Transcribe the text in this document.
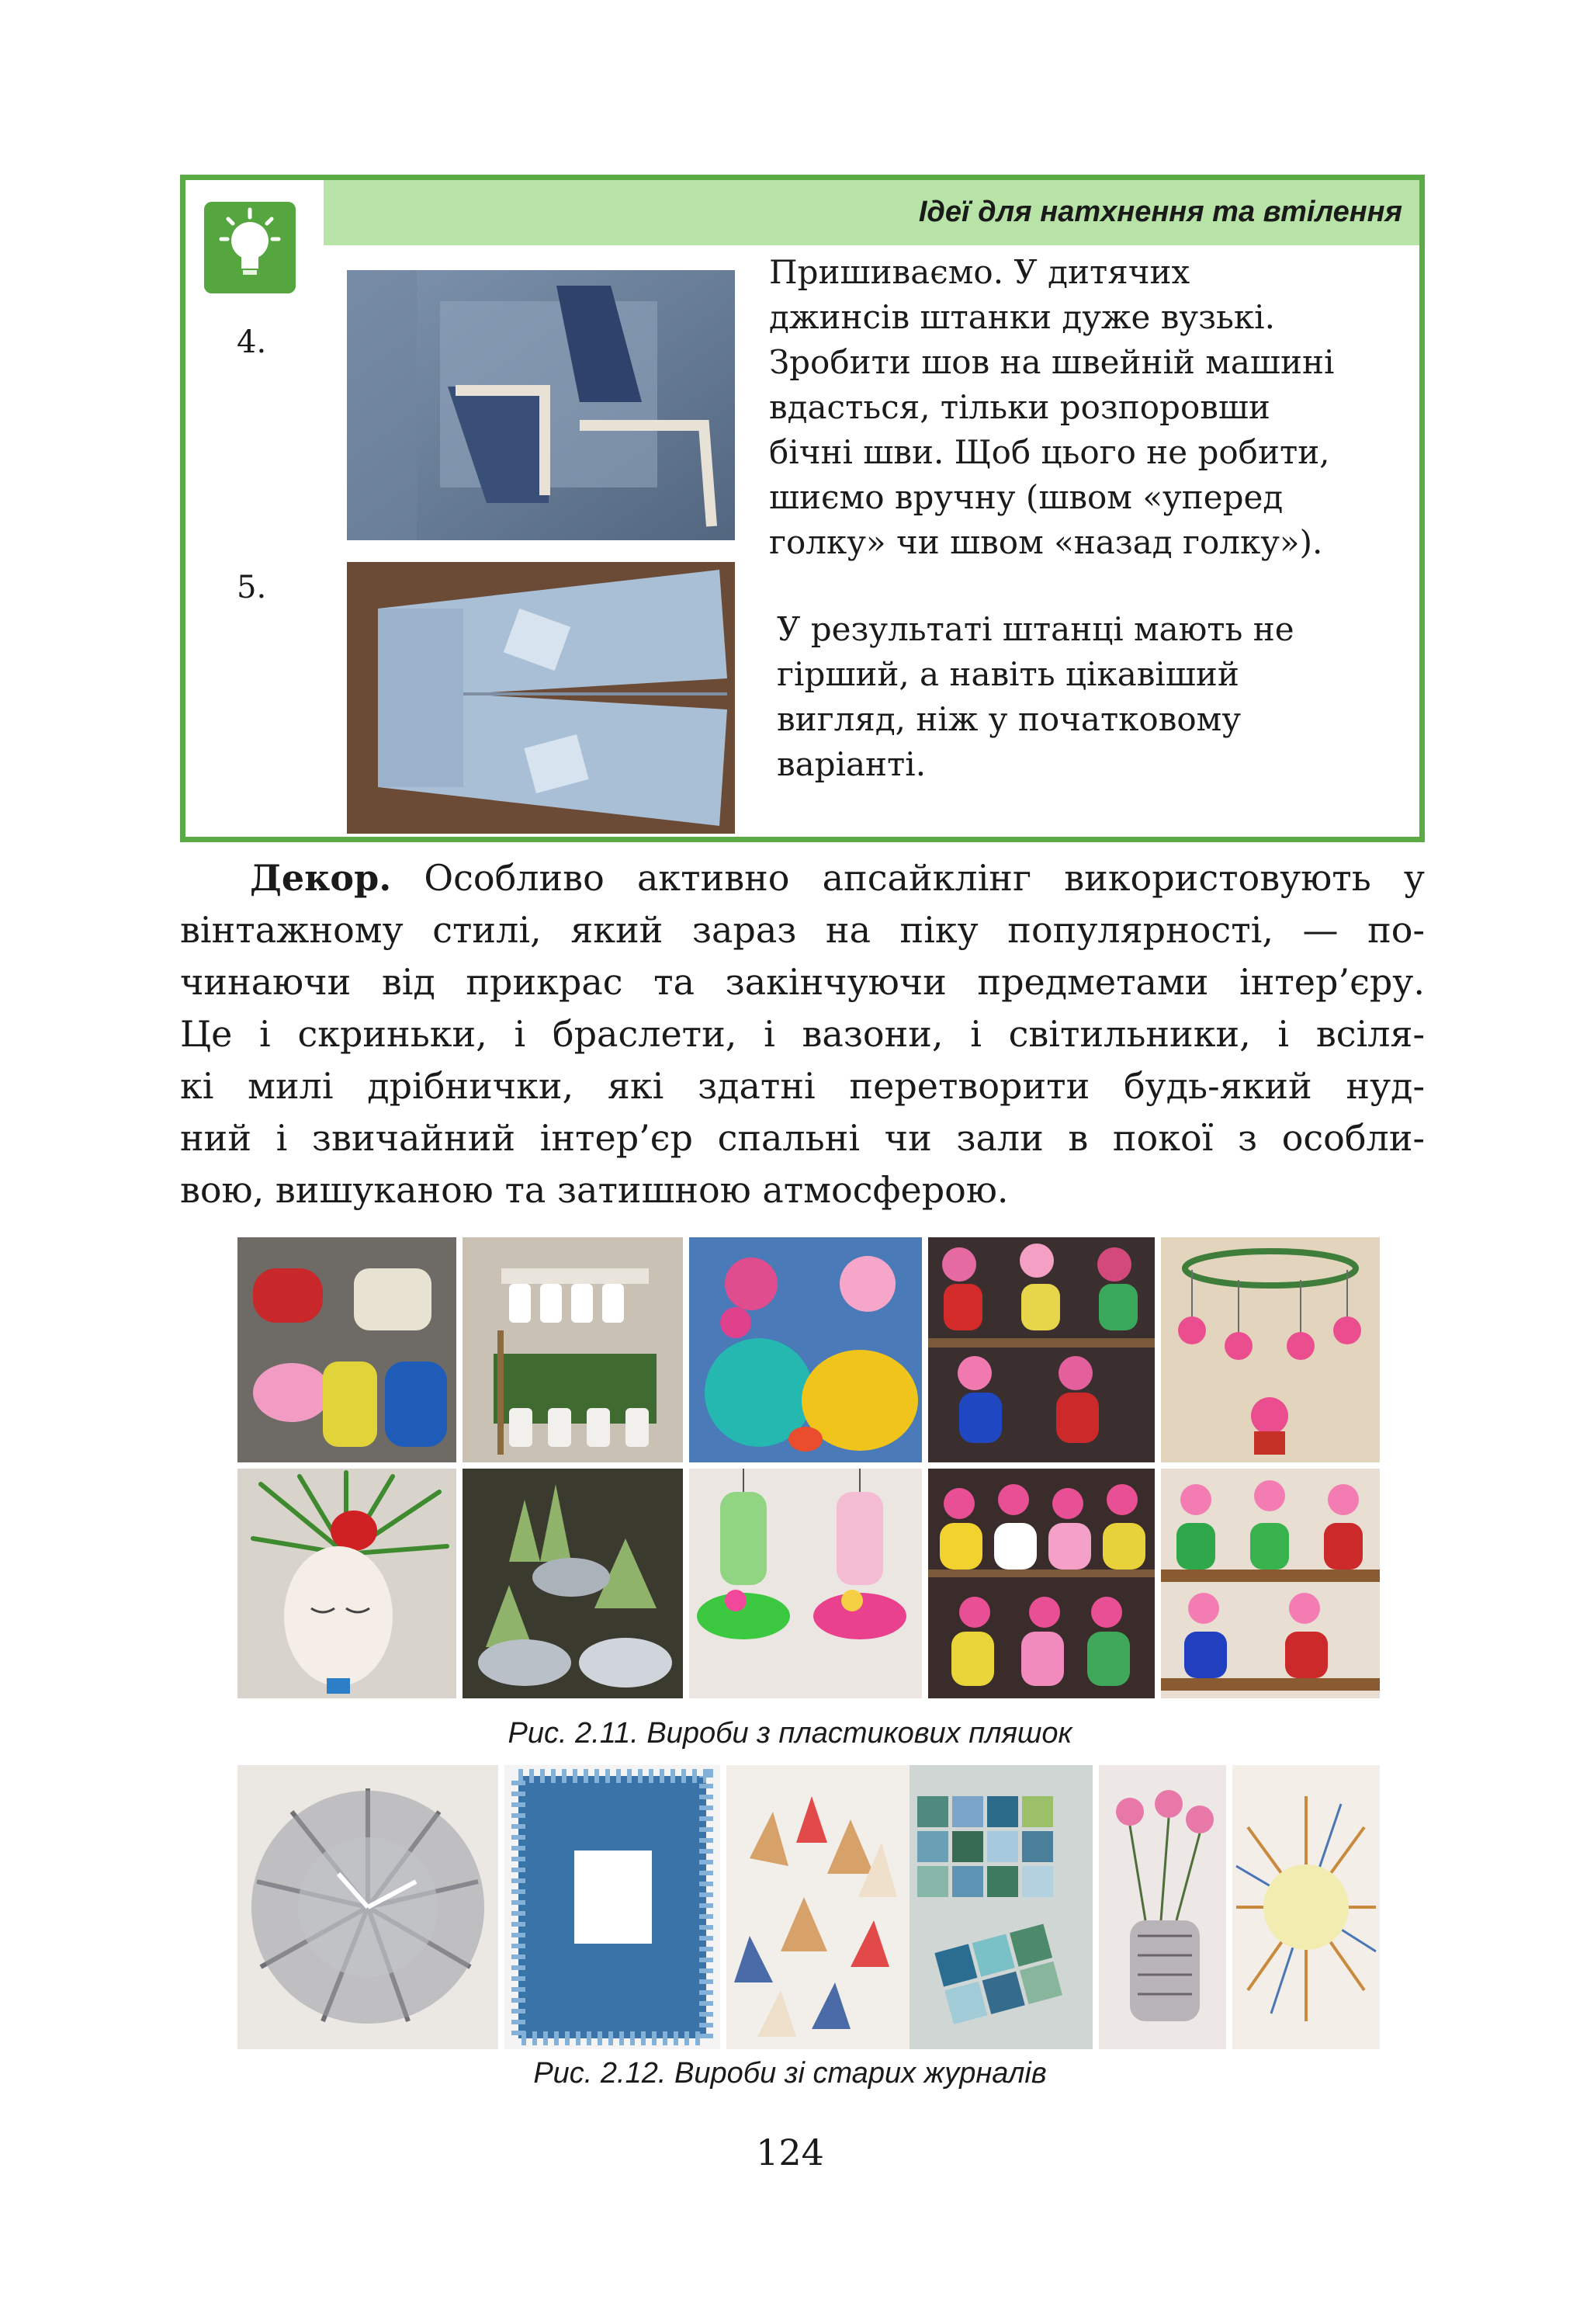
Ідеї для натхнення та втілення
4.
5.
Пришиваємо. У дитячих
джинсів штанки дуже вузькі.
Зробити шов на швейній машині
вдасться, тільки розпоровши
бічні шви. Щоб цього не робити,
шиємо вручну (швом «уперед
голку» чи швом «назад голку»).
У результаті штанці мають не
гірший, а навіть цікавіший
вигляд, ніж у початковому
варіанті.
Декор. Особливо активно апсайклінг використовують у
вінтажному стилі, який зараз на піку популярності, — по-
чинаючи від прикрас та закінчуючи предметами інтер’єру.
Це і скриньки, і браслети, і вазони, і світильники, і всіля-
кі милі дрібнички, які здатні перетворити будь-який нуд-
ний і звичайний інтер’єр спальні чи зали в покої з особли-
вою, вишуканою та затишною атмосферою.
Рис. 2.11. Вироби з пластикових пляшок
Рис. 2.12. Вироби зі старих журналів
124
